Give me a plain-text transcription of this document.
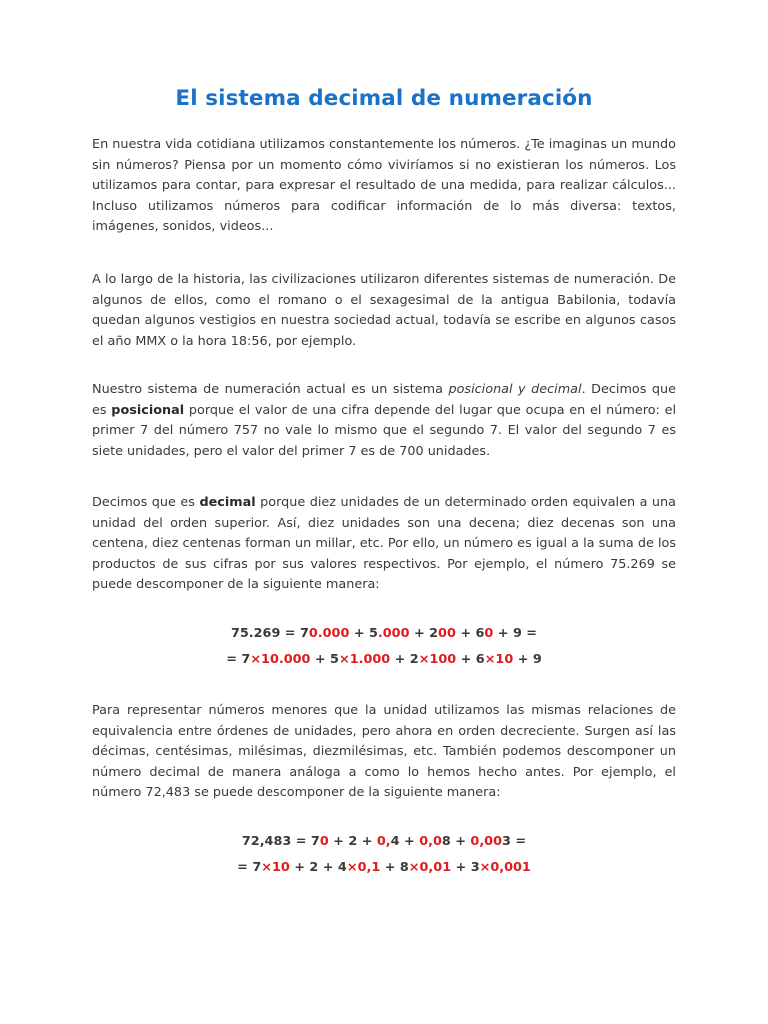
El sistema decimal de numeración

En nuestra vida cotidiana utilizamos constantemente los números. ¿Te imaginas un mundo sin números? Piensa por un momento cómo viviríamos si no existieran los números. Los utilizamos para contar, para expresar el resultado de una medida, para realizar cálculos... Incluso utilizamos números para codificar información de lo más diversa: textos, imágenes, sonidos, videos...

A lo largo de la historia, las civilizaciones utilizaron diferentes sistemas de numeración. De algunos de ellos, como el romano o el sexagesimal de la antigua Babilonia, todavía quedan algunos vestigios en nuestra sociedad actual, todavía se escribe en algunos casos el año MMX o la hora 18:56, por ejemplo.

Nuestro sistema de numeración actual es un sistema posicional y decimal. Decimos que es posicional porque el valor de una cifra depende del lugar que ocupa en el número: el primer 7 del número 757 no vale lo mismo que el segundo 7. El valor del segundo 7 es siete unidades, pero el valor del primer 7 es de 700 unidades.

Decimos que es decimal porque diez unidades de un determinado orden equivalen a una unidad del orden superior. Así, diez unidades son una decena; diez decenas son una centena, diez centenas forman un millar, etc. Por ello, un número es igual a la suma de los productos de sus cifras por sus valores respectivos. Por ejemplo, el número 75.269 se puede descomponer de la siguiente manera:

75.269 = 70.000 + 5.000 + 200 + 60 + 9 =
= 7×10.000 + 5×1.000 + 2×100 + 6×10 + 9

Para representar números menores que la unidad utilizamos las mismas relaciones de equivalencia entre órdenes de unidades, pero ahora en orden decreciente. Surgen así las décimas, centésimas, milésimas, diezmilésimas, etc. También podemos descomponer un número decimal de manera análoga a como lo hemos hecho antes. Por ejemplo, el número 72,483 se puede descomponer de la siguiente manera:

72,483 = 70 + 2 + 0,4 + 0,08 + 0,003 =
= 7×10 + 2 + 4×0,1 + 8×0,01 + 3×0,001
